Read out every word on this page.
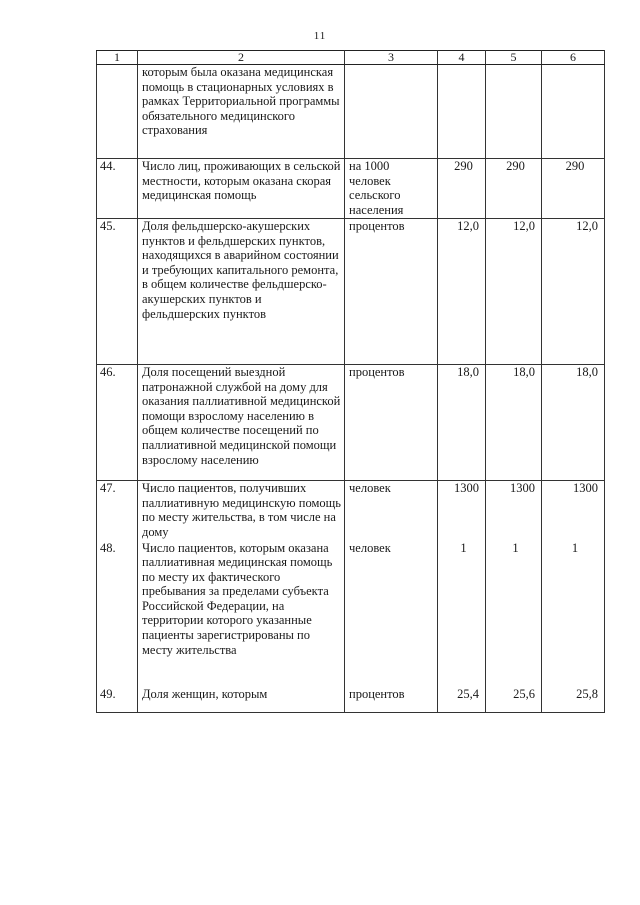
11
1	2	3	4	5	6
	которым была оказана медицинская помощь в стационарных условиях в рамках Территориальной программы обязательного медицинского страхования				
44.	Число лиц, проживающих в сельской местности, которым оказана скорая медицинская помощь	на 1000 человек сельского населения	290	290	290
45.	Доля фельдшерско-акушерских пунктов и фельдшерских пунктов, находящихся в аварийном состоянии и требующих капитального ремонта, в общем количестве фельдшерско-акушерских пунктов и фельдшерских пунктов	процентов	12,0	12,0	12,0
46.	Доля посещений выездной патронажной службой на дому для оказания паллиативной медицинской помощи взрослому населению в общем количестве посещений по паллиативной медицинской помощи взрослому населению	процентов	18,0	18,0	18,0
47.	Число пациентов, получивших паллиативную медицинскую помощь по месту жительства, в том числе на дому	человек	1300	1300	1300
48.	Число пациентов, которым оказана паллиативная медицинская помощь по месту их фактического пребывания за пределами субъекта Российской Федерации, на территории которого указанные пациенты зарегистрированы по месту жительства	человек	1	1	1
49.	Доля женщин, которым	процентов	25,4	25,6	25,8
